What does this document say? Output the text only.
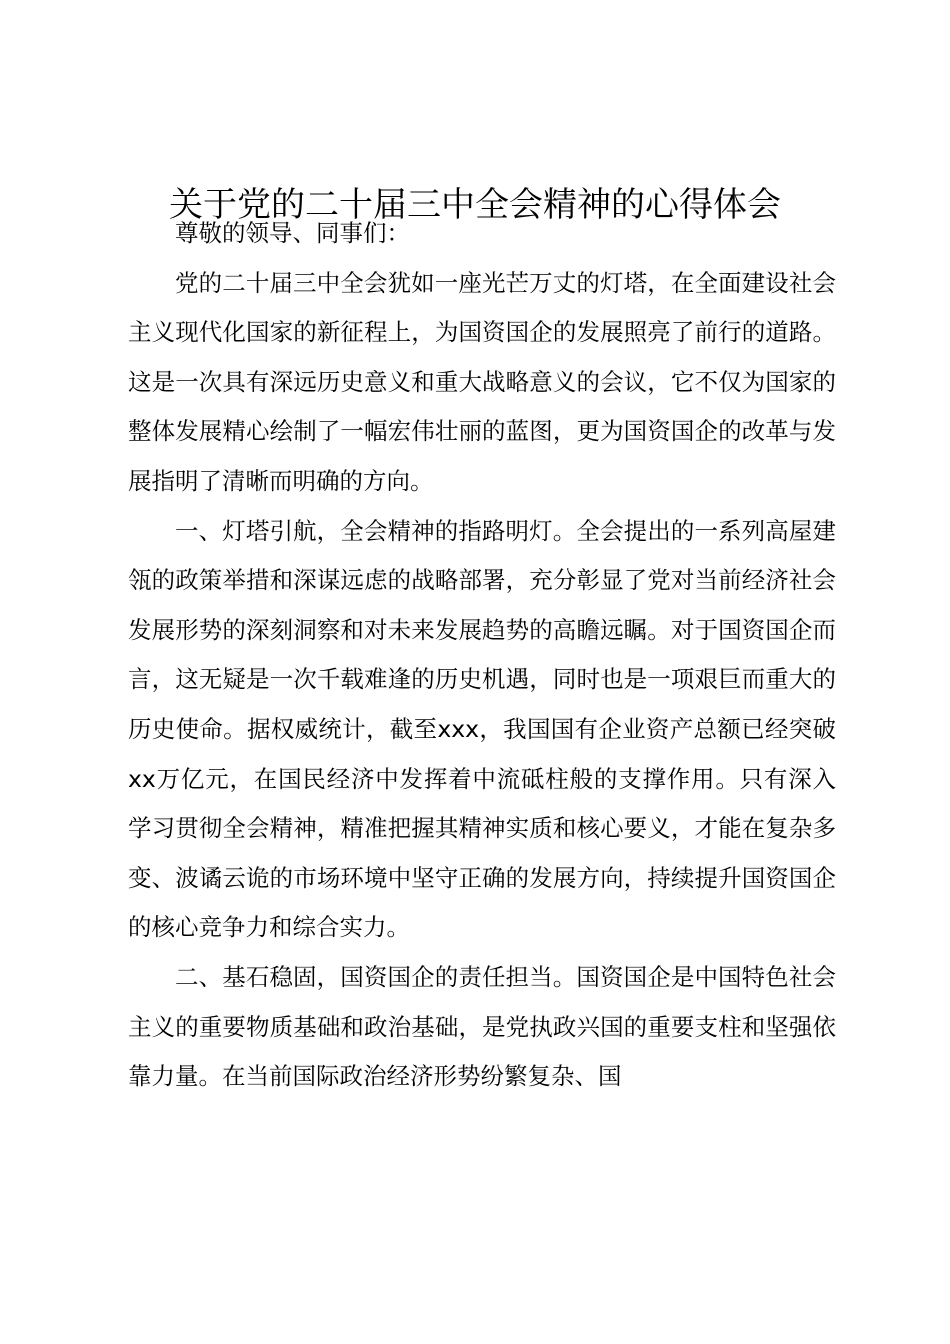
关于党的二十届三中全会精神的心得体会

尊敬的领导、同事们：

党的二十届三中全会犹如一座光芒万丈的灯塔，在全面建设社会主义现代化国家的新征程上，为国资国企的发展照亮了前行的道路。这是一次具有深远历史意义和重大战略意义的会议，它不仅为国家的整体发展精心绘制了一幅宏伟壮丽的蓝图，更为国资国企的改革与发展指明了清晰而明确的方向。

一、灯塔引航，全会精神的指路明灯。全会提出的一系列高屋建瓴的政策举措和深谋远虑的战略部署，充分彰显了党对当前经济社会发展形势的深刻洞察和对未来发展趋势的高瞻远瞩。对于国资国企而言，这无疑是一次千载难逢的历史机遇，同时也是一项艰巨而重大的历史使命。据权威统计，截至xxx，我国国有企业资产总额已经突破xx万亿元，在国民经济中发挥着中流砥柱般的支撑作用。只有深入学习贯彻全会精神，精准把握其精神实质和核心要义，才能在复杂多变、波谲云诡的市场环境中坚守正确的发展方向，持续提升国资国企的核心竞争力和综合实力。

二、基石稳固，国资国企的责任担当。国资国企是中国特色社会主义的重要物质基础和政治基础，是党执政兴国的重要支柱和坚强依靠力量。在当前国际政治经济形势纷繁复杂、国
